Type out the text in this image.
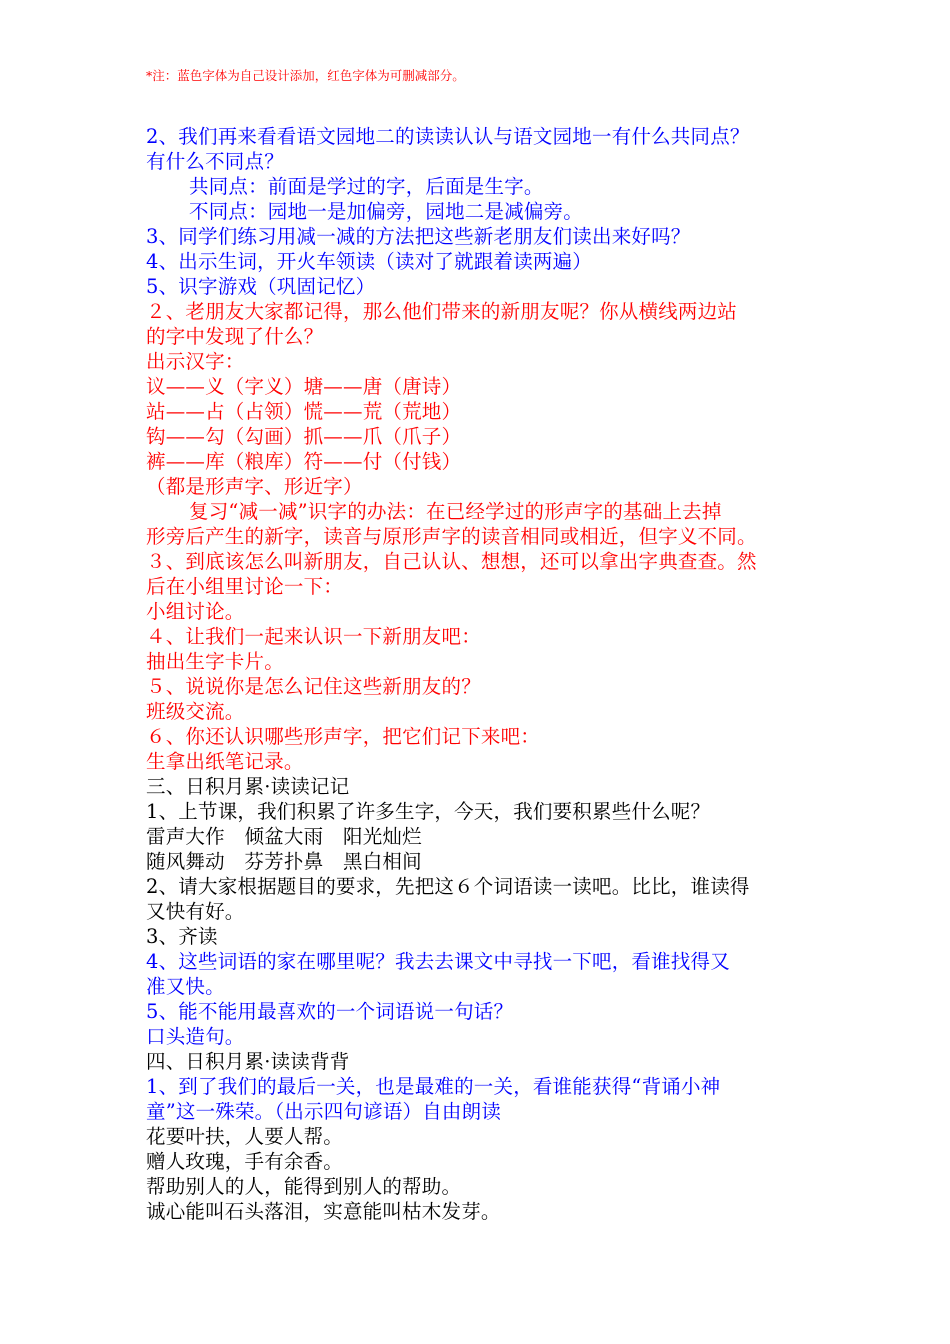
*注：蓝色字体为自己设计添加，红色字体为可删减部分。
2、我们再来看看语文园地二的读读认认与语文园地一有什么共同点？
有什么不同点？
共同点：前面是学过的字，后面是生字。
不同点：园地一是加偏旁，园地二是减偏旁。
3、同学们练习用减一减的方法把这些新老朋友们读出来好吗？
4、出示生词，开火车领读（读对了就跟着读两遍）
5、识字游戏（巩固记忆）
２、老朋友大家都记得，那么他们带来的新朋友呢？你从横线两边站
的字中发现了什么？
出示汉字：
议——义（字义）塘——唐（唐诗）
站——占（占领）慌——荒（荒地）
钩——勾（勾画）抓——爪（爪子）
裤——库（粮库）符——付（付钱）
（都是形声字、形近字）
复习“减一减”识字的办法：在已经学过的形声字的基础上去掉
形旁后产生的新字，读音与原形声字的读音相同或相近，但字义不同。
３、到底该怎么叫新朋友，自己认认、想想，还可以拿出字典查查。然
后在小组里讨论一下：
小组讨论。
４、让我们一起来认识一下新朋友吧：
抽出生字卡片。
５、说说你是怎么记住这些新朋友的？
班级交流。
６、你还认识哪些形声字，把它们记下来吧：
生拿出纸笔记录。
三、日积月累·读读记记
1、上节课，我们积累了许多生字，今天，我们要积累些什么呢？
雷声大作　倾盆大雨　阳光灿烂
随风舞动　芬芳扑鼻　黑白相间
2、请大家根据题目的要求，先把这６个词语读一读吧。比比，谁读得
又快有好。
3、齐读
4、这些词语的家在哪里呢？我去去课文中寻找一下吧，看谁找得又
准又快。
5、能不能用最喜欢的一个词语说一句话？
口头造句。
四、日积月累·读读背背
1、到了我们的最后一关，也是最难的一关，看谁能获得“背诵小神
童”这一殊荣。（出示四句谚语）自由朗读
花要叶扶，人要人帮。
赠人玫瑰，手有余香。
帮助别人的人，能得到别人的帮助。
诚心能叫石头落泪，实意能叫枯木发芽。
